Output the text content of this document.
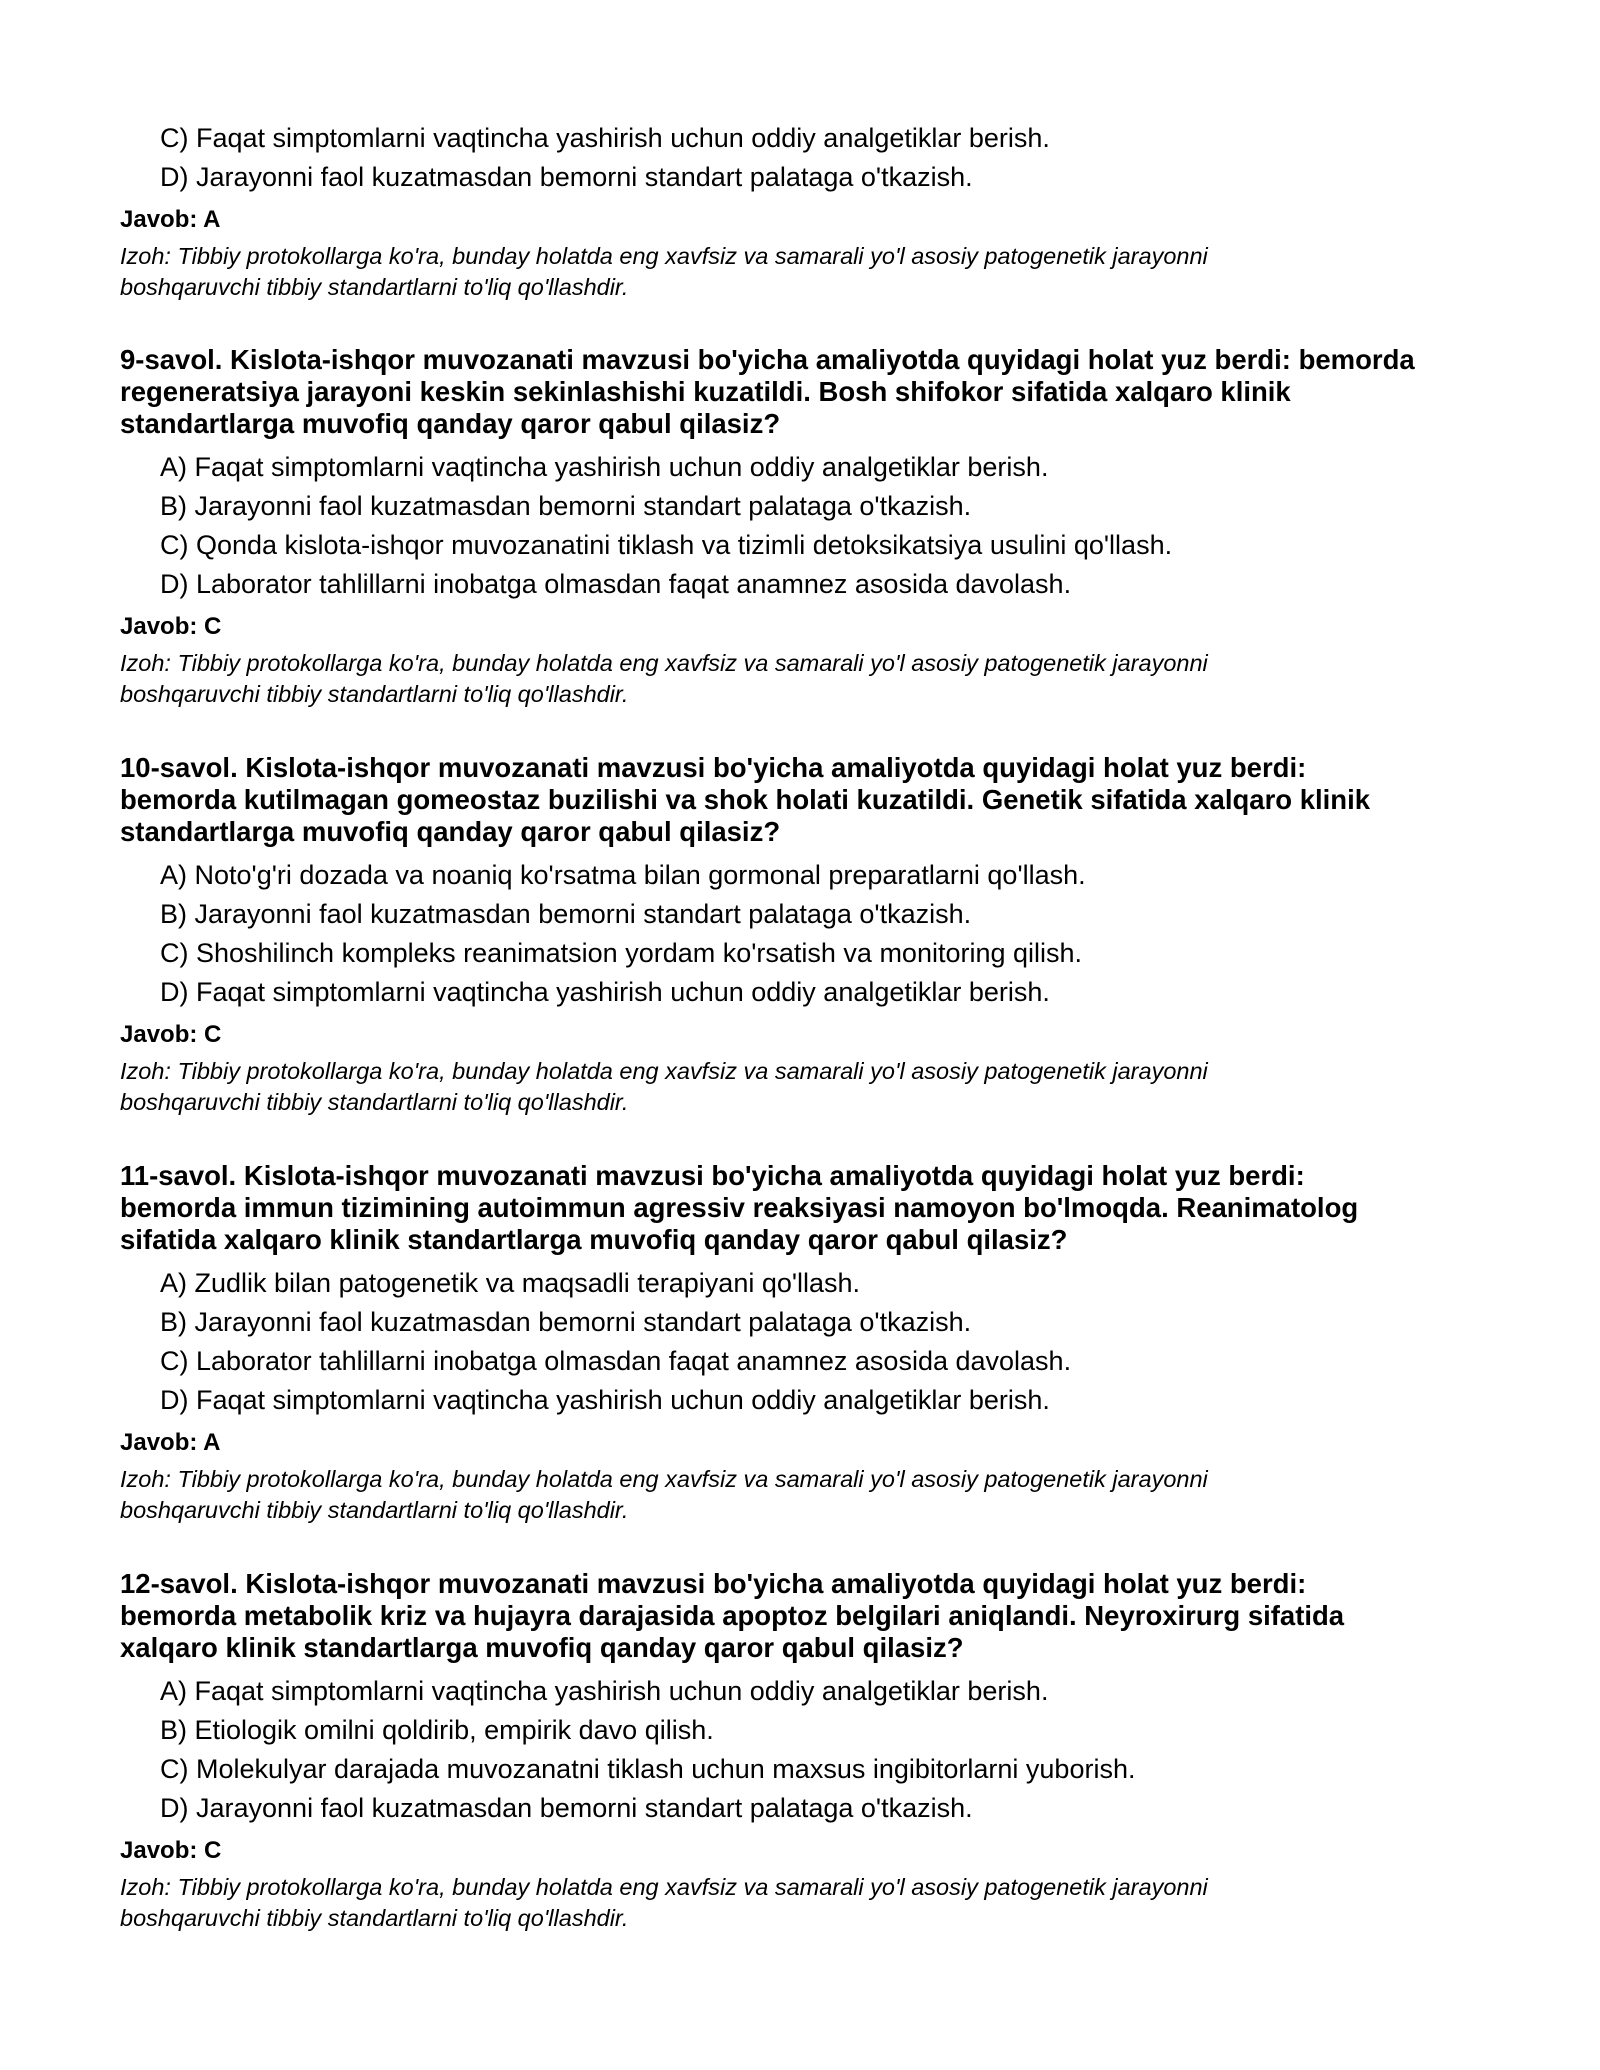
C) Faqat simptomlarni vaqtincha yashirish uchun oddiy analgetiklar berish.
D) Jarayonni faol kuzatmasdan bemorni standart palataga o'tkazish.
Javob: A
Izoh: Tibbiy protokollarga ko'ra, bunday holatda eng xavfsiz va samarali yo'l asosiy patogenetik jarayonni
boshqaruvchi tibbiy standartlarni to'liq qo'llashdir.
9-savol. Kislota-ishqor muvozanati mavzusi bo'yicha amaliyotda quyidagi holat yuz berdi: bemorda
regeneratsiya jarayoni keskin sekinlashishi kuzatildi. Bosh shifokor sifatida xalqaro klinik
standartlarga muvofiq qanday qaror qabul qilasiz?
A) Faqat simptomlarni vaqtincha yashirish uchun oddiy analgetiklar berish.
B) Jarayonni faol kuzatmasdan bemorni standart palataga o'tkazish.
C) Qonda kislota-ishqor muvozanatini tiklash va tizimli detoksikatsiya usulini qo'llash.
D) Laborator tahlillarni inobatga olmasdan faqat anamnez asosida davolash.
Javob: C
Izoh: Tibbiy protokollarga ko'ra, bunday holatda eng xavfsiz va samarali yo'l asosiy patogenetik jarayonni
boshqaruvchi tibbiy standartlarni to'liq qo'llashdir.
10-savol. Kislota-ishqor muvozanati mavzusi bo'yicha amaliyotda quyidagi holat yuz berdi:
bemorda kutilmagan gomeostaz buzilishi va shok holati kuzatildi. Genetik sifatida xalqaro klinik
standartlarga muvofiq qanday qaror qabul qilasiz?
A) Noto'g'ri dozada va noaniq ko'rsatma bilan gormonal preparatlarni qo'llash.
B) Jarayonni faol kuzatmasdan bemorni standart palataga o'tkazish.
C) Shoshilinch kompleks reanimatsion yordam ko'rsatish va monitoring qilish.
D) Faqat simptomlarni vaqtincha yashirish uchun oddiy analgetiklar berish.
Javob: C
Izoh: Tibbiy protokollarga ko'ra, bunday holatda eng xavfsiz va samarali yo'l asosiy patogenetik jarayonni
boshqaruvchi tibbiy standartlarni to'liq qo'llashdir.
11-savol. Kislota-ishqor muvozanati mavzusi bo'yicha amaliyotda quyidagi holat yuz berdi:
bemorda immun tizimining autoimmun agressiv reaksiyasi namoyon bo'lmoqda. Reanimatolog
sifatida xalqaro klinik standartlarga muvofiq qanday qaror qabul qilasiz?
A) Zudlik bilan patogenetik va maqsadli terapiyani qo'llash.
B) Jarayonni faol kuzatmasdan bemorni standart palataga o'tkazish.
C) Laborator tahlillarni inobatga olmasdan faqat anamnez asosida davolash.
D) Faqat simptomlarni vaqtincha yashirish uchun oddiy analgetiklar berish.
Javob: A
Izoh: Tibbiy protokollarga ko'ra, bunday holatda eng xavfsiz va samarali yo'l asosiy patogenetik jarayonni
boshqaruvchi tibbiy standartlarni to'liq qo'llashdir.
12-savol. Kislota-ishqor muvozanati mavzusi bo'yicha amaliyotda quyidagi holat yuz berdi:
bemorda metabolik kriz va hujayra darajasida apoptoz belgilari aniqlandi. Neyroxirurg sifatida
xalqaro klinik standartlarga muvofiq qanday qaror qabul qilasiz?
A) Faqat simptomlarni vaqtincha yashirish uchun oddiy analgetiklar berish.
B) Etiologik omilni qoldirib, empirik davo qilish.
C) Molekulyar darajada muvozanatni tiklash uchun maxsus ingibitorlarni yuborish.
D) Jarayonni faol kuzatmasdan bemorni standart palataga o'tkazish.
Javob: C
Izoh: Tibbiy protokollarga ko'ra, bunday holatda eng xavfsiz va samarali yo'l asosiy patogenetik jarayonni
boshqaruvchi tibbiy standartlarni to'liq qo'llashdir.
